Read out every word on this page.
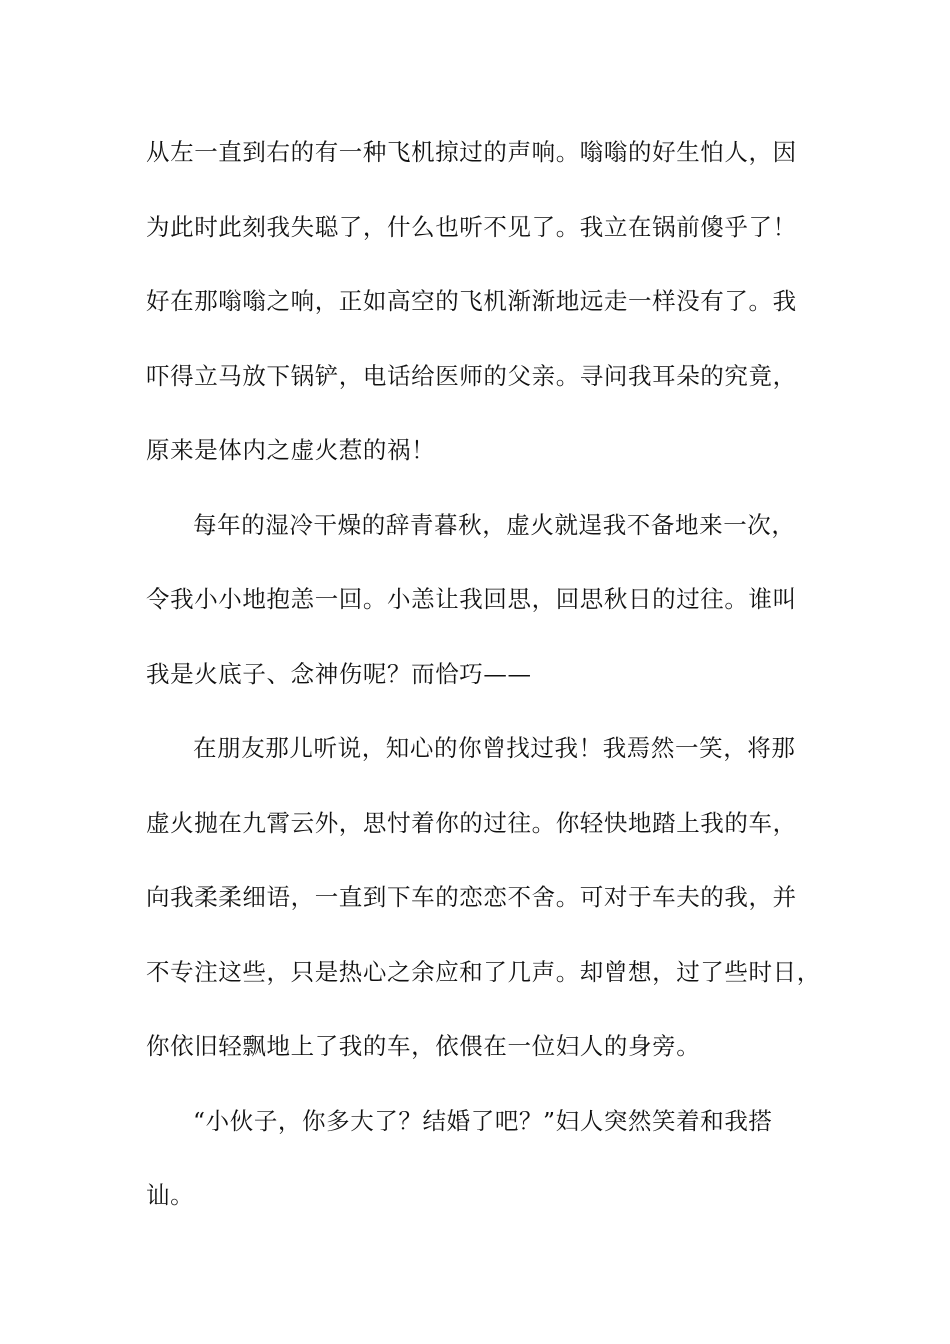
从左一直到右的有一种飞机掠过的声响。嗡嗡的好生怕人，因
为此时此刻我失聪了，什么也听不见了。我立在锅前傻乎了！
好在那嗡嗡之响，正如高空的飞机渐渐地远走一样没有了。我
吓得立马放下锅铲，电话给医师的父亲。寻问我耳朵的究竟，
原来是体内之虚火惹的祸！
每年的湿冷干燥的辞青暮秋，虚火就逞我不备地来一次，
令我小小地抱恙一回。小恙让我回思，回思秋日的过往。谁叫
我是火底子、念神伤呢？而恰巧——
在朋友那儿听说，知心的你曾找过我！我焉然一笑，将那
虚火抛在九霄云外，思忖着你的过往。你轻快地踏上我的车，
向我柔柔细语，一直到下车的恋恋不舍。可对于车夫的我，并
不专注这些，只是热心之余应和了几声。却曾想，过了些时日，
你依旧轻飘地上了我的车，依偎在一位妇人的身旁。
“小伙子，你多大了？结婚了吧？”妇人突然笑着和我搭
讪。
